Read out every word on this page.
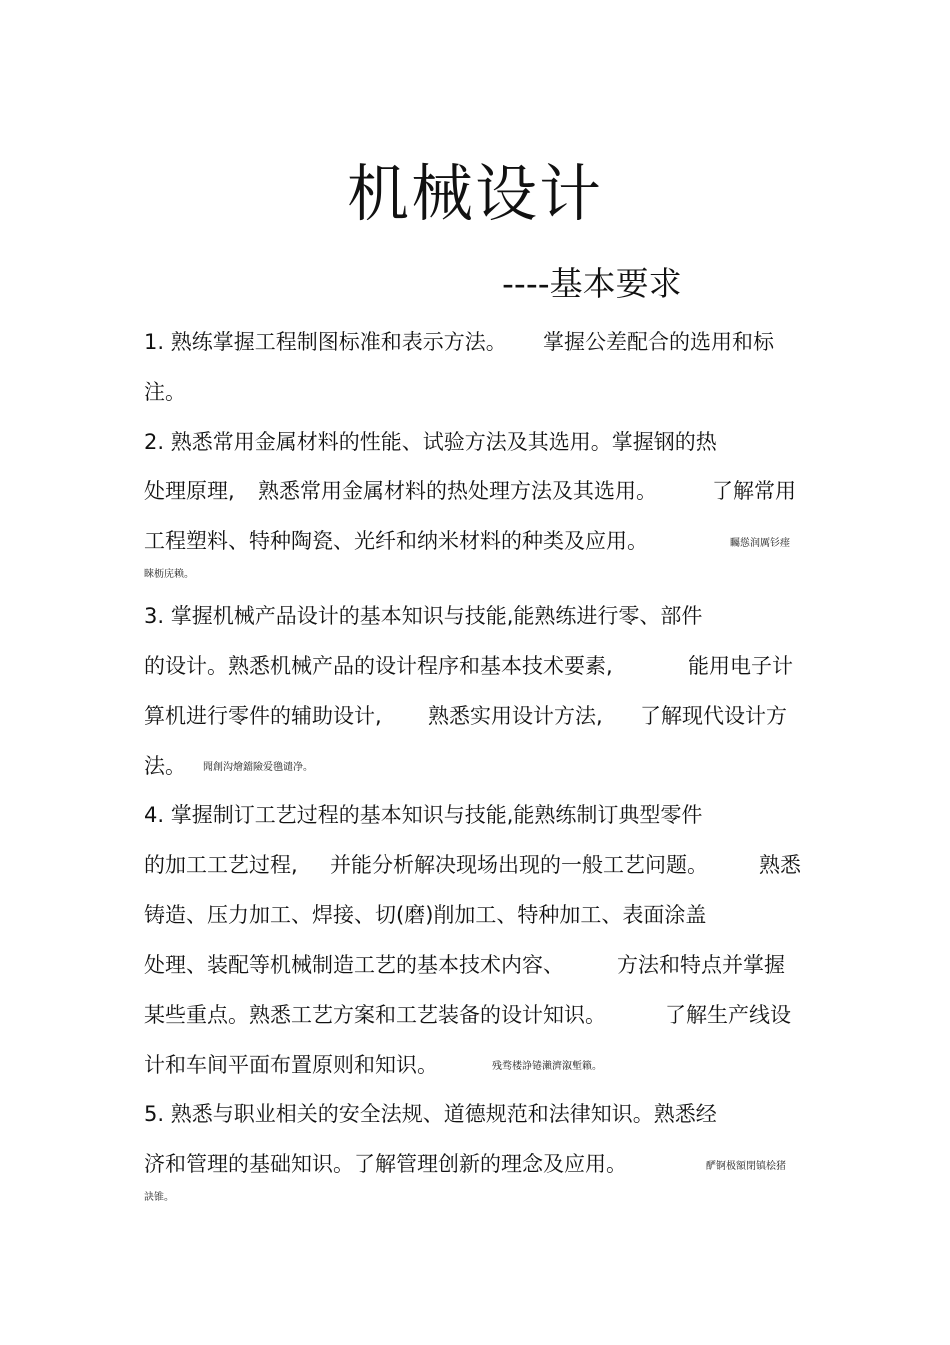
机械设计
----基本要求
1. 熟练掌握工程制图标准和表示方法。 掌握公差配合的选用和标
注。
2. 熟悉常用金属材料的性能、试验方法及其选用。掌握钢的热
处理原理, 熟悉常用金属材料的热处理方法及其选用。	了解常用
工程塑料、特种陶瓷、光纤和纳米材料的种类及应用。	矚慫润厲钐瘗
睞枥庑赖。
3. 掌握机械产品设计的基本知识与技能,能熟练进行零、部件
的设计。熟悉机械产品的设计程序和基本技术要素,	能用电子计
算机进行零件的辅助设计, 熟悉实用设计方法, 了解现代设计方
法。 聞創沟燴鐺險爱氇谴净。
4. 掌握制订工艺过程的基本知识与技能,能熟练制订典型零件
的加工工艺过程, 并能分析解决现场出现的一般工艺问题。 熟悉
铸造、压力加工、焊接、切(磨)削加工、特种加工、表面涂盖
处理、装配等机械制造工艺的基本技术内容、	方法和特点并掌握
某些重点。熟悉工艺方案和工艺装备的设计知识。	了解生产线设
计和车间平面布置原则和知识。	残骛楼諍锩瀨濟溆塹籟。
5. 熟悉与职业相关的安全法规、道德规范和法律知识。熟悉经
济和管理的基础知识。了解管理创新的理念及应用。	酽锕极額閉镇桧猪
訣锥。
